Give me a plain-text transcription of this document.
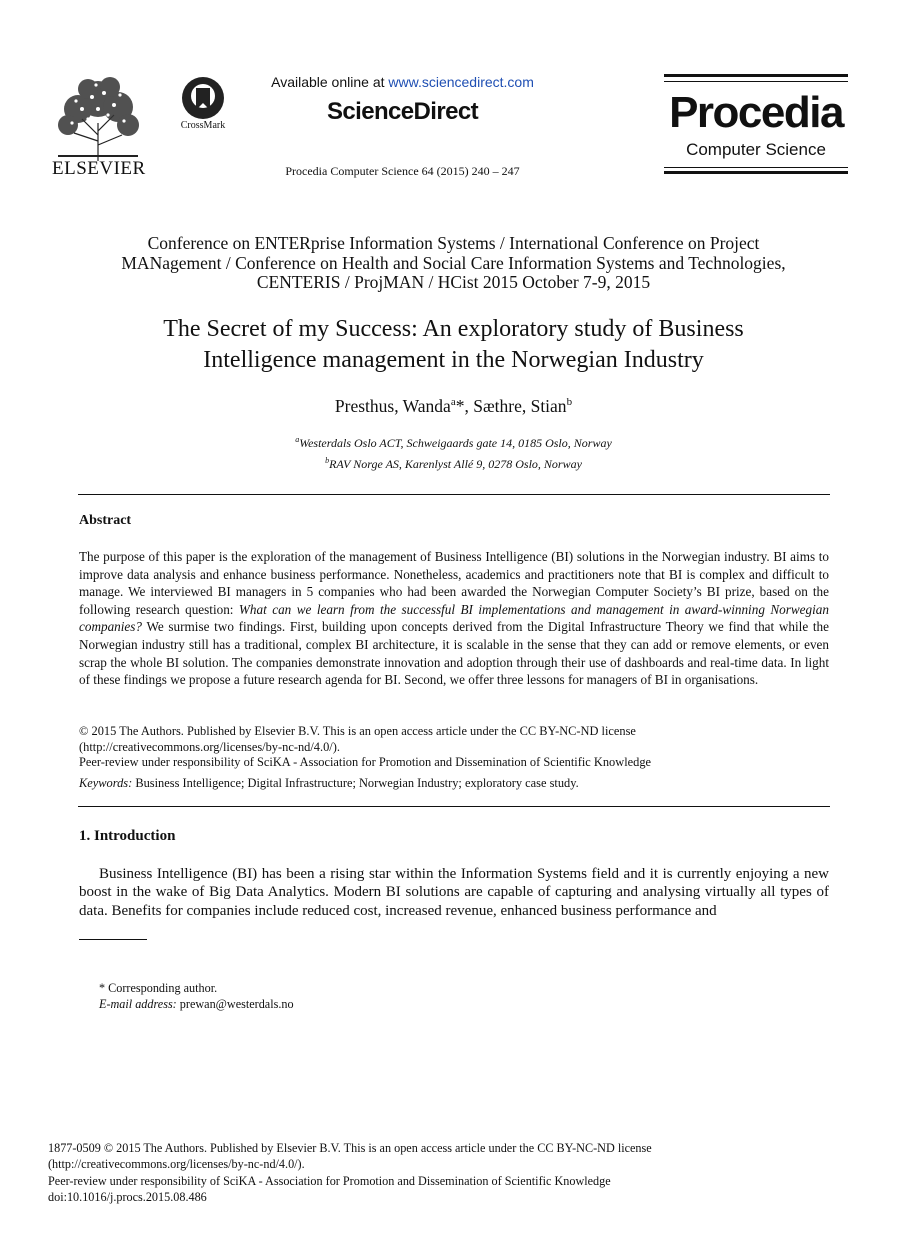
ELSEVIER
CrossMark
Available online at www.sciencedirect.com
ScienceDirect
Procedia Computer Science 64 (2015) 240 – 247
Procedia
Computer Science
Conference on ENTERprise Information Systems / International Conference on Project
MANagement / Conference on Health and Social Care Information Systems and Technologies,
CENTERIS / ProjMAN / HCist 2015 October 7-9, 2015
The Secret of my Success: An exploratory study of Business
Intelligence management in the Norwegian Industry
Presthus, Wanda$^a$*, Sæthre, Stian$^b$
$^a$Westerdals Oslo ACT, Schweigaards gate 14, 0185 Oslo, Norway
$^b$RAV Norge AS, Karenlyst Allé 9, 0278 Oslo, Norway
Abstract
The purpose of this paper is the exploration of the management of Business Intelligence (BI) solutions in the Norwegian industry. BI aims to improve data analysis and enhance business performance. Nonetheless, academics and practitioners note that BI is complex and difficult to manage. We interviewed BI managers in 5 companies who had been awarded the Norwegian Computer Society’s BI prize, based on the following research question: What can we learn from the successful BI implementations and management in award-winning Norwegian companies? We surmise two findings. First, building upon concepts derived from the Digital Infrastructure Theory we find that while the Norwegian industry still has a traditional, complex BI architecture, it is scalable in the sense that they can add or remove elements, or even scrap the whole BI solution. The companies demonstrate innovation and adoption through their use of dashboards and real-time data. In light of these findings we propose a future research agenda for BI. Second, we offer three lessons for managers of BI in organisations.
© 2015 The Authors. Published by Elsevier B.V. This is an open access article under the CC BY-NC-ND license
(http://creativecommons.org/licenses/by-nc-nd/4.0/).
Peer-review under responsibility of SciKA - Association for Promotion and Dissemination of Scientific Knowledge
Keywords: Business Intelligence; Digital Infrastructure; Norwegian Industry; exploratory case study.
1. Introduction
Business Intelligence (BI) has been a rising star within the Information Systems field and it is currently enjoying a new boost in the wake of Big Data Analytics. Modern BI solutions are capable of capturing and analysing virtually all types of data. Benefits for companies include reduced cost, increased revenue, enhanced business performance and
* Corresponding author.
E-mail address: prewan@westerdals.no
1877-0509 © 2015 The Authors. Published by Elsevier B.V. This is an open access article under the CC BY-NC-ND license
(http://creativecommons.org/licenses/by-nc-nd/4.0/).
Peer-review under responsibility of SciKA - Association for Promotion and Dissemination of Scientific Knowledge
doi:10.1016/j.procs.2015.08.486
